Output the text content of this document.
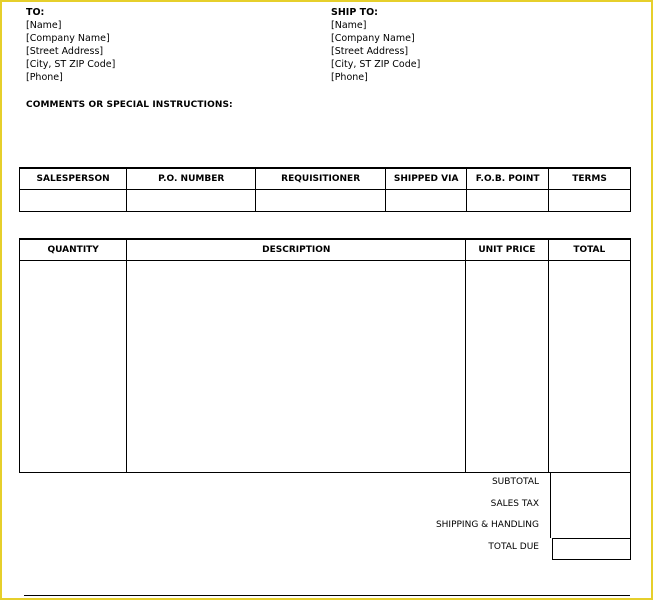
TO:
[Name]
[Company Name]
[Street Address]
[City, ST ZIP Code]
[Phone]
SHIP TO:
[Name]
[Company Name]
[Street Address]
[City, ST ZIP Code]
[Phone]
COMMENTS OR SPECIAL INSTRUCTIONS:
SALESPERSON	P.O. NUMBER	REQUISITIONER	SHIPPED VIA	F.O.B. POINT	TERMS

QUANTITY	DESCRIPTION	UNIT PRICE	TOTAL

SUBTOTAL
SALES TAX
SHIPPING & HANDLING
TOTAL DUE
